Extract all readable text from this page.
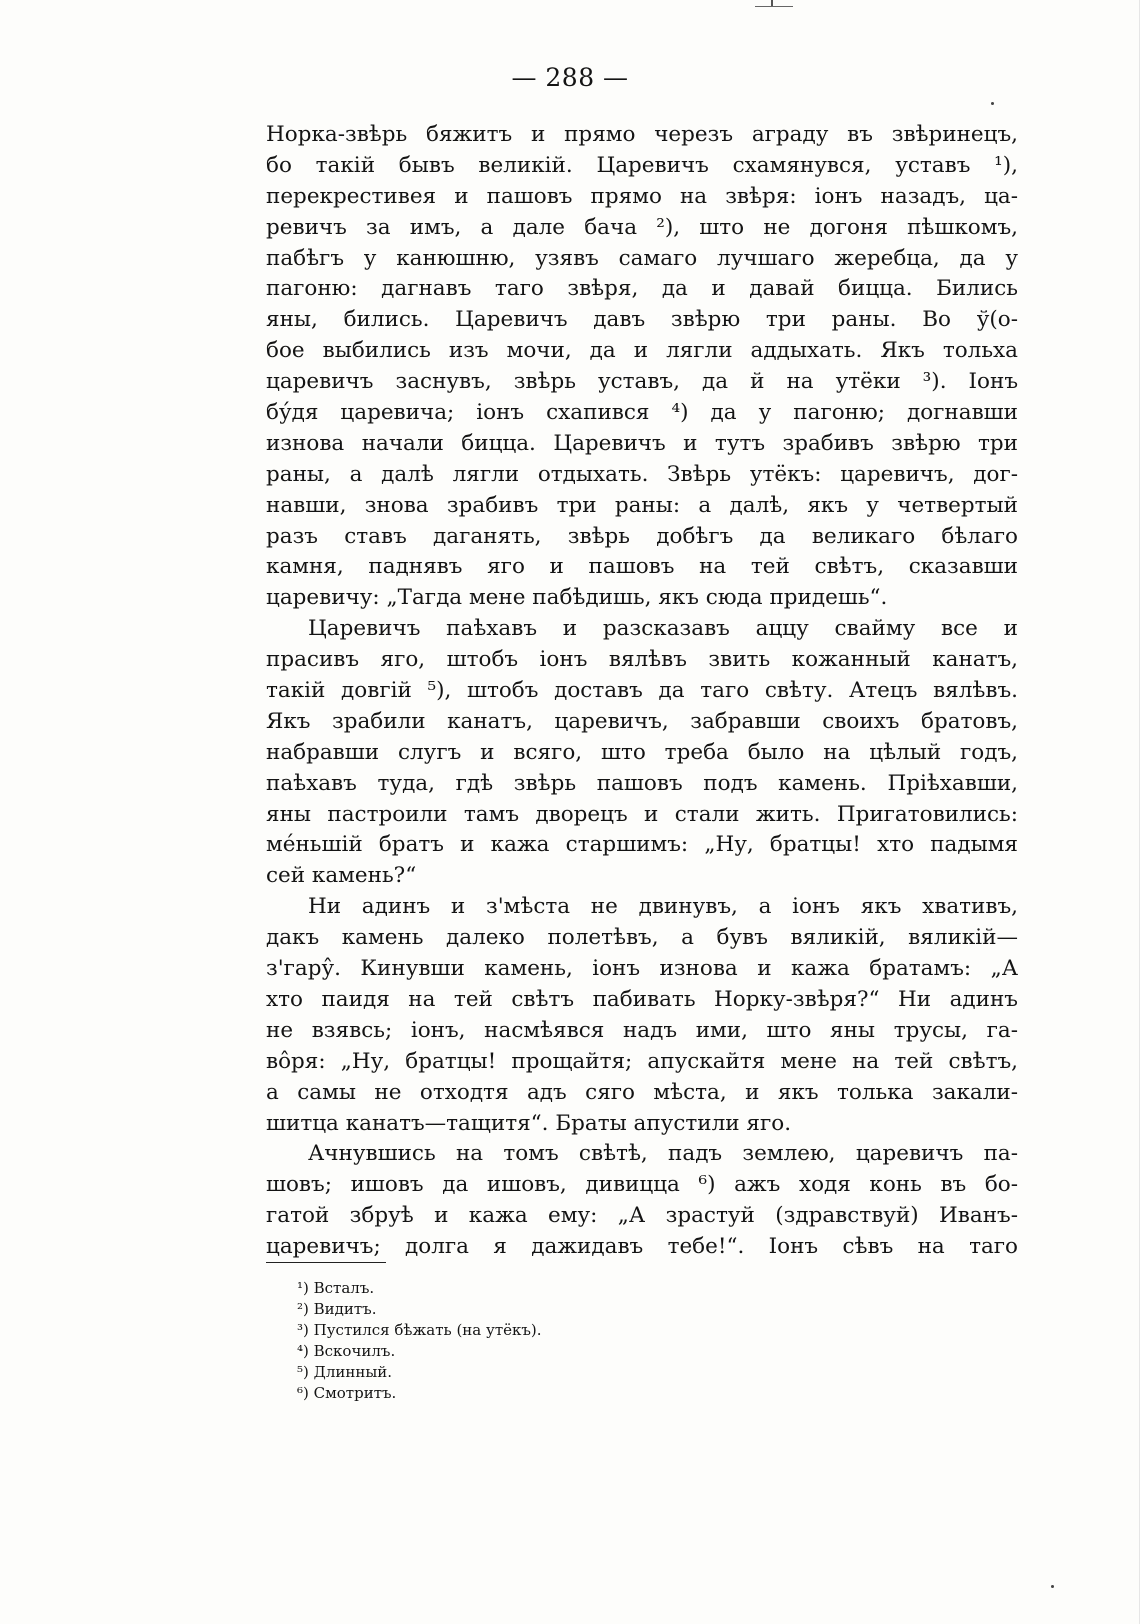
— 288 —
Норка-звѣрь бяжитъ и прямо черезъ аграду въ звѣринецъ,
бо такій бывъ великій. Царевичъ схамянувся, уставъ ¹),
перекрестивея и пашовъ прямо на звѣря: іонъ назадъ, ца-
ревичъ за имъ, а дале бача ²), што не догоня пѣшкомъ,
пабѣгъ у канюшню, узявъ самаго лучшаго жеребца, да у
пагоню: дагнавъ таго звѣря, да и давай бицца. Бились
яны, бились. Царевичъ давъ звѣрю три раны. Во ў(о-
бое выбились изъ мочи, да и лягли аддыхать. Якъ тольха
царевичъ заснувъ, звѣрь уставъ, да й на утёки ³). Іонъ
бу́дя царевича; іонъ схапився ⁴) да у пагоню; догнавши
изнова начали бицца. Царевичъ и тутъ зрабивъ звѣрю три
раны, а далѣ лягли отдыхать. Звѣрь утёкъ: царевичъ, дог-
навши, знова зрабивъ три раны: а далѣ, якъ у четвертый
разъ ставъ даганять, звѣрь добѣгъ да великаго бѣлаго
камня, паднявъ яго и пашовъ на тей свѣтъ, сказавши
царевичу: „Тагда мене пабѣдишь, якъ сюда придешь“.
Царевичъ паѣхавъ и разсказавъ аццу свайму все и
прасивъ яго, штобъ іонъ вялѣвъ звить кожанный канатъ,
такій довгій ⁵), штобъ доставъ да таго свѣту. Атецъ вялѣвъ.
Якъ зрабили канатъ, царевичъ, забравши своихъ братовъ,
набравши слугъ и всяго, што треба было на цѣлый годъ,
паѣхавъ туда, гдѣ звѣрь пашовъ подъ камень. Пріѣхавши,
яны пастроили тамъ дворецъ и стали жить. Пригатовились:
ме́ньшій братъ и кажа старшимъ: „Ну, братцы! хто падымя
сей камень?“
Ни адинъ и з'мѣста не двинувъ, а іонъ якъ хвативъ,
дакъ камень далеко полетѣвъ, а бувъ вяликій, вяликій—
з'гару̂. Кинувши камень, іонъ изнова и кажа братамъ: „А
хто паидя на тей свѣтъ пабивать Норку-звѣря?“ Ни адинъ
не взявсь; іонъ, насмѣявся надъ ими, што яны трусы, га-
во̂ря: „Ну, братцы! прощайтя; апускайтя мене на тей свѣтъ,
а самы не отходтя адъ сяго мѣста, и якъ толька закали-
шитца канатъ—тащитя“. Браты апустили яго.
Ачнувшись на томъ свѣтѣ, падъ землею, царевичъ па-
шовъ; ишовъ да ишовъ, дивицца ⁶) ажъ ходя конь въ бо-
гатой збруѣ и кажа ему: „А зрастуй (здравствуй) Иванъ-
царевичъ; долга я дажидавъ тебе!“. Іонъ сѣвъ на таго
¹) Всталъ.
²) Видитъ.
³) Пустился бѣжать (на утёкъ).
⁴) Вскочилъ.
⁵) Длинный.
⁶) Смотритъ.
